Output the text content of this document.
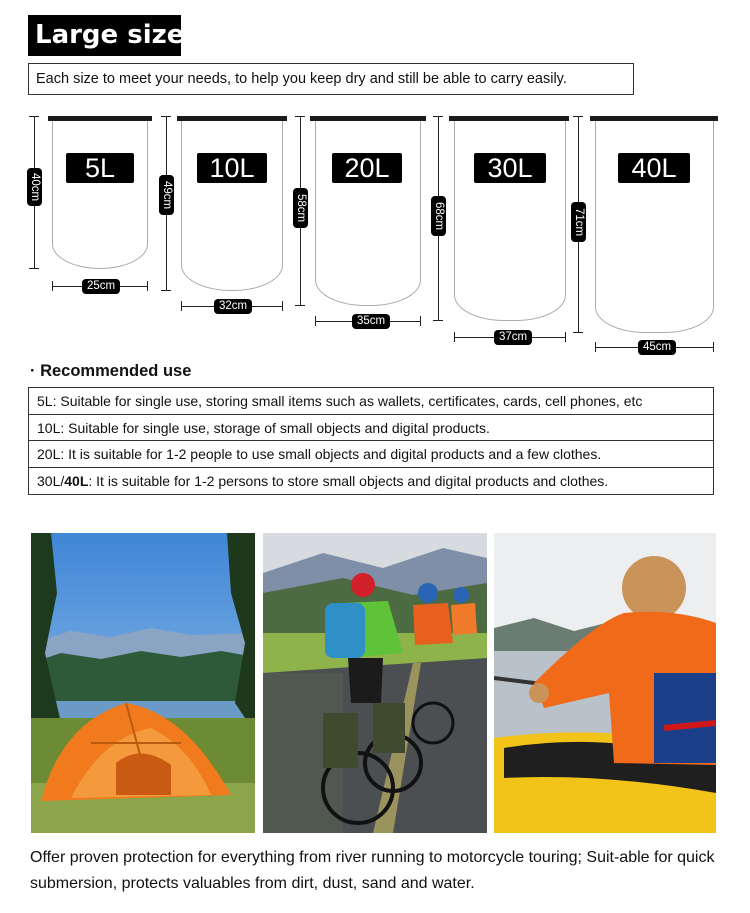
Large size
Each size to meet your needs, to help you keep dry and still be able to carry easily.
5L
40cm
25cm
10L
49cm
32cm
20L
58cm
35cm
30L
68cm
37cm
40L
71cm
45cm
· Recommended use
5L: Suitable for single use, storing small items such as wallets, certificates, cards, cell phones, etc
10L: Suitable for single use, storage of small objects and digital products.
20L: It is suitable for 1-2 people to use small objects and digital products and a few clothes.
30L/40L: It is suitable for 1-2 persons to store small objects and digital products and clothes.
Offer proven protection for everything from river running to motorcycle touring; Suit-able for quick submersion, protects valuables from dirt, dust, sand and water.
